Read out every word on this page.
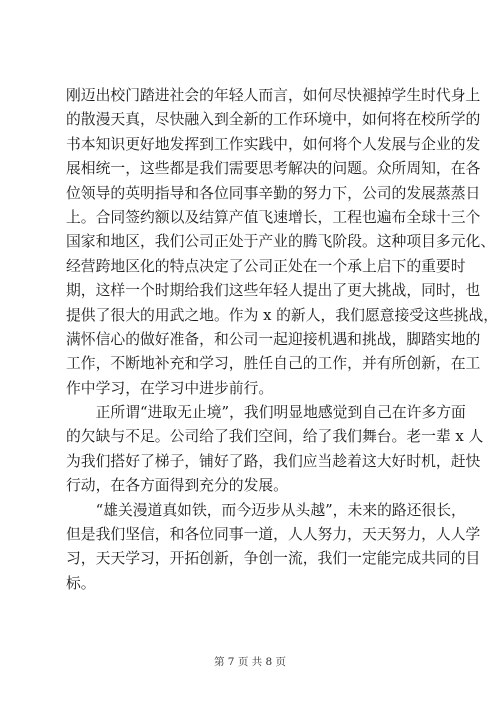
刚迈出校门踏进社会的年轻人而言，如何尽快褪掉学生时代身上
的散漫天真，尽快融入到全新的工作环境中，如何将在校所学的
书本知识更好地发挥到工作实践中，如何将个人发展与企业的发
展相统一，这些都是我们需要思考解决的问题。众所周知，在各
位领导的英明指导和各位同事辛勤的努力下，公司的发展蒸蒸日
上。合同签约额以及结算产值飞速增长，工程也遍布全球十三个
国家和地区，我们公司正处于产业的腾飞阶段。这种项目多元化、
经营跨地区化的特点决定了公司正处在一个承上启下的重要时
期，这样一个时期给我们这些年轻人提出了更大挑战，同时，也
提供了很大的用武之地。作为 x 的新人，我们愿意接受这些挑战，
满怀信心的做好准备，和公司一起迎接机遇和挑战，脚踏实地的
工作，不断地补充和学习，胜任自己的工作，并有所创新，在工
作中学习，在学习中进步前行。
　　正所谓“进取无止境”，我们明显地感觉到自己在许多方面
的欠缺与不足。公司给了我们空间，给了我们舞台。老一辈 x 人
为我们搭好了梯子，铺好了路，我们应当趁着这大好时机，赶快
行动，在各方面得到充分的发展。
　　“雄关漫道真如铁，而今迈步从头越”，未来的路还很长，
但是我们坚信，和各位同事一道，人人努力，天天努力，人人学
习，天天学习，开拓创新，争创一流，我们一定能完成共同的目
标。
第 7 页 共 8 页
